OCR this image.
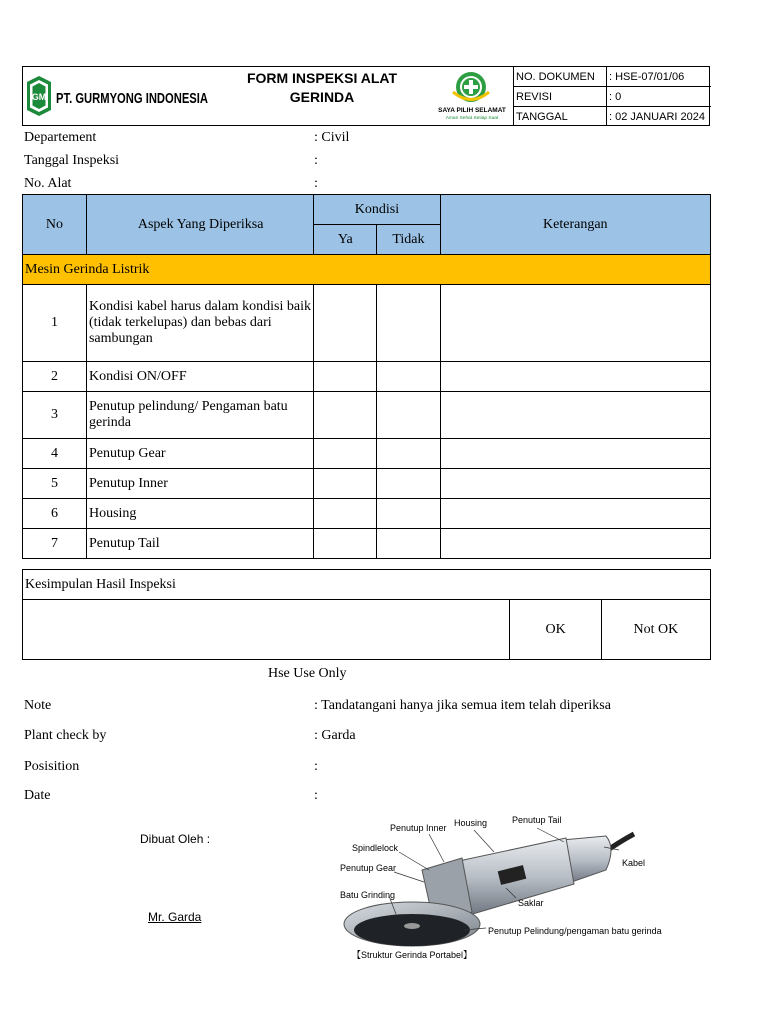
GM PT. GURMYONG INDONESIA
FORM INSPEKSI ALAT
GERINDA
SAYA PILIH SELAMAT
Aman Sehat Setiap Saat
NO. DOKUMEN	: HSE-07/01/06
REVISI	: 0
TANGGAL	: 02 JANUARI 2024
Departement	: Civil
Tanggal Inspeksi	:
No. Alat	:
No	Aspek Yang Diperiksa	Kondisi		Keterangan
		Ya	Tidak	
Mesin Gerinda Listrik				
1	Kondisi kabel harus dalam kondisi baik (tidak terkelupas) dan bebas dari sambungan			
2	Kondisi ON/OFF			
3	Penutup pelindung/ Pengaman batu gerinda			
4	Penutup Gear			
5	Penutup Inner			
6	Housing			
7	Penutup Tail			
Kesimpulan Hasil Inspeksi
	OK	Not OK
Hse Use Only
Note	: Tandatangani hanya jika semua item telah diperiksa
Plant check by	: Garda
Posisition	:
Date	:
Dibuat Oleh :
Mr. Garda
Penutup Inner Housing	Penutup Tail
Spindlelock
Penutup Gear
Batu Grinding
Kabel
Saklar
Penutup Pelindung/pengaman batu gerinda
【Struktur Gerinda Portabel】
